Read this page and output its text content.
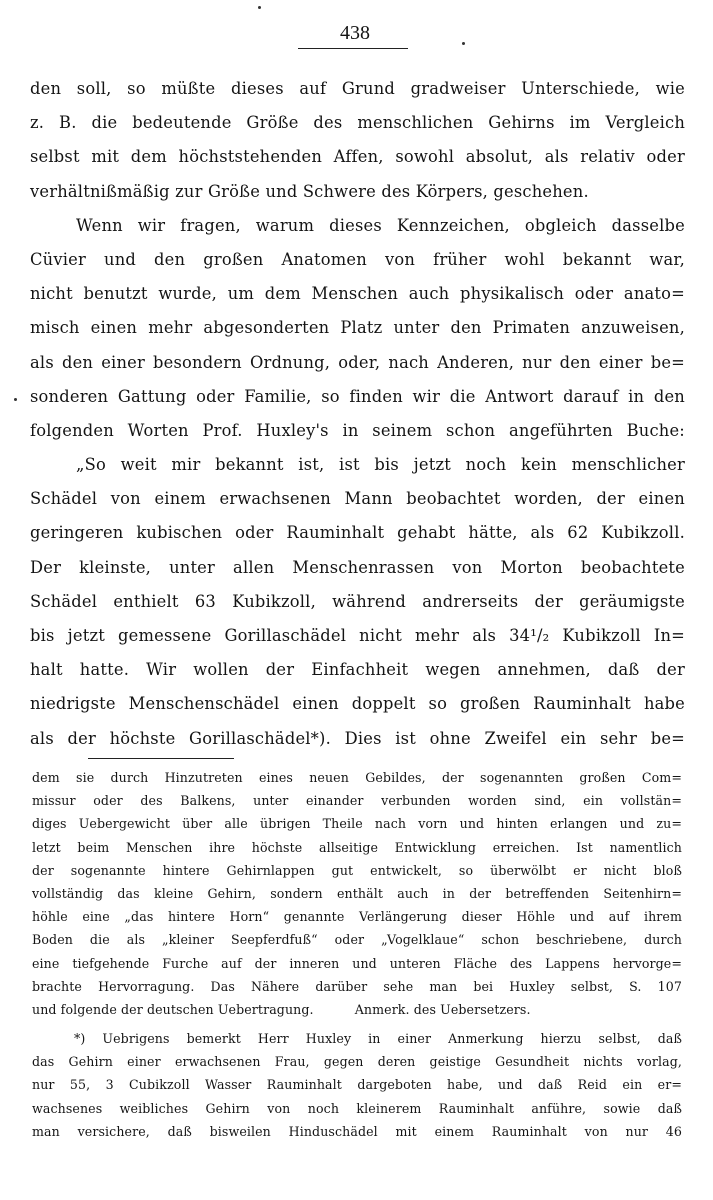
438
den soll, so müßte dieses auf Grund gradweiser Unterschiede, wie
z. B. die bedeutende Größe des menschlichen Gehirns im Vergleich
selbst mit dem höchststehenden Affen, sowohl absolut, als relativ oder
verhältnißmäßig zur Größe und Schwere des Körpers, geschehen.
Wenn wir fragen, warum dieses Kennzeichen, obgleich dasselbe
Cüvier und den großen Anatomen von früher wohl bekannt war,
nicht benutzt wurde, um dem Menschen auch physikalisch oder anato=
misch einen mehr abgesonderten Platz unter den Primaten anzuweisen,
als den einer besondern Ordnung, oder, nach Anderen, nur den einer be=
sonderen Gattung oder Familie, so finden wir die Antwort darauf in den
folgenden Worten Prof. Huxley's in seinem schon angeführten Buche:
„So weit mir bekannt ist, ist bis jetzt noch kein menschlicher
Schädel von einem erwachsenen Mann beobachtet worden, der einen
geringeren kubischen oder Rauminhalt gehabt hätte, als 62 Kubikzoll.
Der kleinste, unter allen Menschenrassen von Morton beobachtete
Schädel enthielt 63 Kubikzoll, während andrerseits der geräumigste
bis jetzt gemessene Gorillaschädel nicht mehr als 34¹/₂ Kubikzoll In=
halt hatte. Wir wollen der Einfachheit wegen annehmen, daß der
niedrigste Menschenschädel einen doppelt so großen Rauminhalt habe
als der höchste Gorillaschädel*). Dies ist ohne Zweifel ein sehr be=
dem sie durch Hinzutreten eines neuen Gebildes, der sogenannten großen Com=
missur oder des Balkens, unter einander verbunden worden sind, ein vollstän=
diges Uebergewicht über alle übrigen Theile nach vorn und hinten erlangen und zu=
letzt beim Menschen ihre höchste allseitige Entwicklung erreichen. Ist namentlich
der sogenannte hintere Gehirnlappen gut entwickelt, so überwölbt er nicht bloß
vollständig das kleine Gehirn, sondern enthält auch in der betreffenden Seitenhirn=
höhle eine „das hintere Horn“ genannte Verlängerung dieser Höhle und auf ihrem
Boden die als „kleiner Seepferdfuß“ oder „Vogelklaue“ schon beschriebene, durch
eine tiefgehende Furche auf der inneren und unteren Fläche des Lappens hervorge=
brachte Hervorragung. Das Nähere darüber sehe man bei Huxley selbst, S. 107
und folgende der deutschen Uebertragung.          Anmerk. des Uebersetzers.
*) Uebrigens bemerkt Herr Huxley in einer Anmerkung hierzu selbst, daß
das Gehirn einer erwachsenen Frau, gegen deren geistige Gesundheit nichts vorlag,
nur 55, 3 Cubikzoll Wasser Rauminhalt dargeboten habe, und daß Reid ein er=
wachsenes weibliches Gehirn von noch kleinerem Rauminhalt anführe, sowie daß
man versichere, daß bisweilen Hinduschädel mit einem Rauminhalt von nur 46
